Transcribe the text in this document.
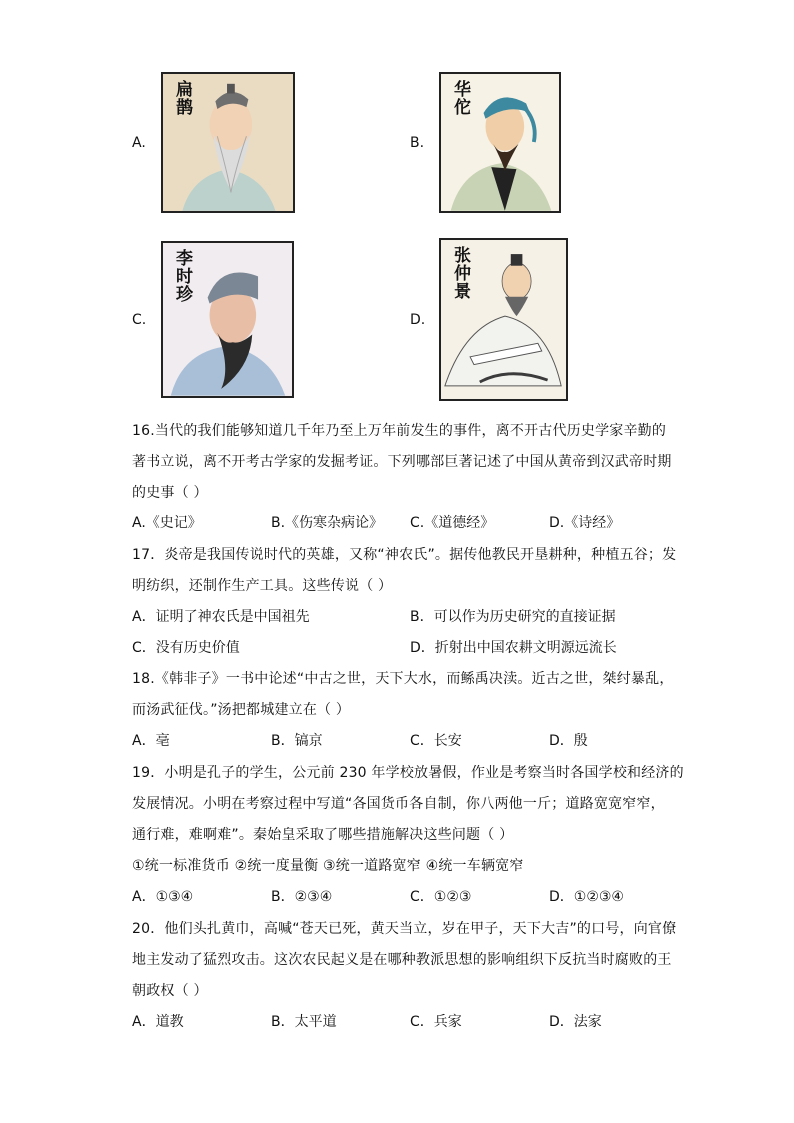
A.
扁鹊
B.
华佗
C.
李时珍
D.
张仲景
16.当代的我们能够知道几千年乃至上万年前发生的事件，离不开古代历史学家辛勤的
著书立说，离不开考古学家的发掘考证。下列哪部巨著记述了中国从黄帝到汉武帝时期
的史事（ ）
A.《史记》	B.《伤寒杂病论》 C.《道德经》	D.《诗经》
17．炎帝是我国传说时代的英雄，又称“神农氏”。据传他教民开垦耕种，种植五谷；发
明纺织，还制作生产工具。这些传说（ ）
A．证明了神农氏是中国祖先	B．可以作为历史研究的直接证据
C．没有历史价值	D．折射出中国农耕文明源远流长
18.《韩非子》一书中论述“中古之世，天下大水，而鲧禹决渎。近古之世，桀纣暴乱，
而汤武征伐。”汤把都城建立在（ ）
A．亳	B．镐京	C．长安	D．殷
19．小明是孔子的学生，公元前 230 年学校放暑假，作业是考察当时各国学校和经济的
发展情况。小明在考察过程中写道“各国货币各自制，你八两他一斤；道路宽宽窄窄，
通行难，难啊难”。秦始皇采取了哪些措施解决这些问题（ ）
①统一标准货币 ②统一度量衡 ③统一道路宽窄 ④统一车辆宽窄
A．①③④	B．②③④	C．①②③	D．①②③④
20．他们头扎黄巾，高喊“苍天已死，黄天当立，岁在甲子，天下大吉”的口号，向官僚
地主发动了猛烈攻击。这次农民起义是在哪种教派思想的影响组织下反抗当时腐败的王
朝政权（ ）
A．道教	B．太平道	C．兵家	D．法家
